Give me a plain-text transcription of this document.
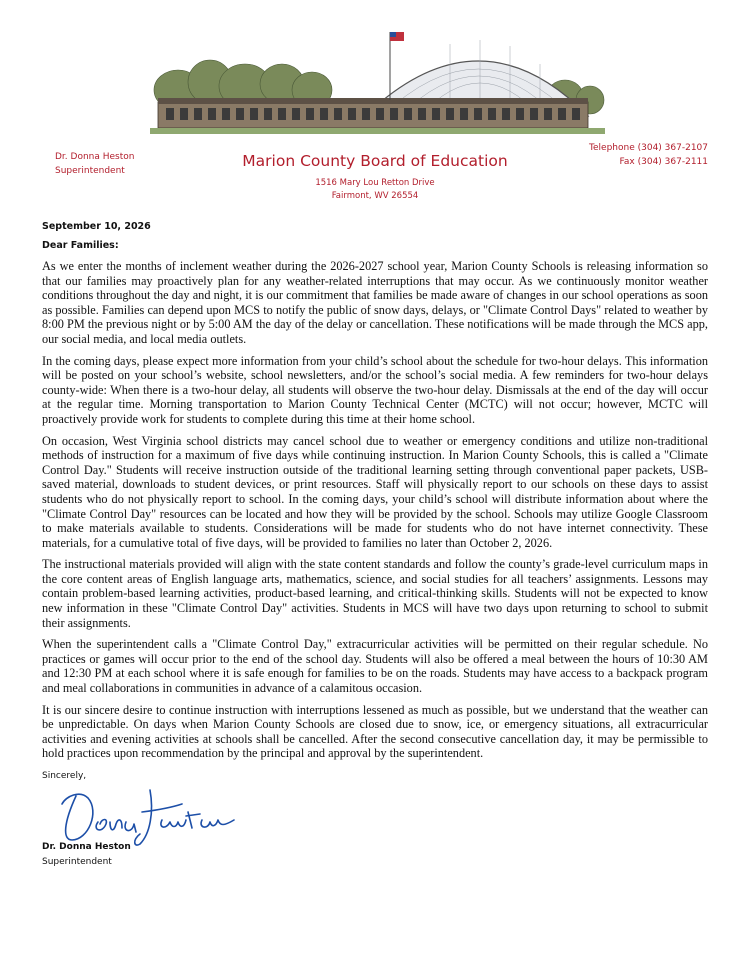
Dr. Donna Heston
Superintendent
Telephone (304) 367-2107
Fax (304) 367-2111
Marion County Board of Education
1516 Mary Lou Retton Drive
Fairmont, WV 26554
September 10, 2026
Dear Families:

As we enter the months of inclement weather during the 2026-2027 school year, Marion County Schools is releasing information so that our families may proactively plan for any weather-related interruptions that may occur. As we continuously monitor weather conditions throughout the day and night, it is our commitment that families be made aware of changes in our school operations as soon as possible. Families can depend upon MCS to notify the public of snow days, delays, or "Climate Control Days" related to weather by 8:00 PM the previous night or by 5:00 AM the day of the delay or cancellation. These notifications will be made through the MCS app, our social media, and local media outlets.

In the coming days, please expect more information from your child’s school about the schedule for two-hour delays. This information will be posted on your school’s website, school newsletters, and/or the school’s social media. A few reminders for two-hour delays county-wide: When there is a two-hour delay, all students will observe the two-hour delay. Dismissals at the end of the day will occur at the regular time. Morning transportation to Marion County Technical Center (MCTC) will not occur; however, MCTC will proactively provide work for students to complete during this time at their home school.

On occasion, West Virginia school districts may cancel school due to weather or emergency conditions and utilize non-traditional methods of instruction for a maximum of five days while continuing instruction. In Marion County Schools, this is called a "Climate Control Day." Students will receive instruction outside of the traditional learning setting through conventional paper packets, USB-saved material, downloads to student devices, or print resources. Staff will physically report to our schools on these days to assist students who do not physically report to school. In the coming days, your child’s school will distribute information about where the "Climate Control Day" resources can be located and how they will be provided by the school. Schools may utilize Google Classroom to make materials available to students. Considerations will be made for students who do not have internet connectivity. These materials, for a cumulative total of five days, will be provided to families no later than October 2, 2026.

The instructional materials provided will align with the state content standards and follow the county’s grade-level curriculum maps in the core content areas of English language arts, mathematics, science, and social studies for all teachers’ assignments. Lessons may contain problem-based learning activities, product-based learning, and critical-thinking skills. Students will not be expected to know new information in these "Climate Control Day" activities. Students in MCS will have two days upon returning to school to submit their assignments.

When the superintendent calls a "Climate Control Day," extracurricular activities will be permitted on their regular schedule. No practices or games will occur prior to the end of the school day. Students will also be offered a meal between the hours of 10:30 AM and 12:30 PM at each school where it is safe enough for families to be on the roads. Students may have access to a backpack program and meal collaborations in communities in advance of a calamitous occasion.

It is our sincere desire to continue instruction with interruptions lessened as much as possible, but we understand that the weather can be unpredictable. On days when Marion County Schools are closed due to snow, ice, or emergency situations, all extracurricular activities and evening activities at schools shall be cancelled. After the second consecutive cancellation day, it may be permissible to hold practices upon recommendation by the principal and approval by the superintendent.

Sincerely,
Dr. Donna Heston
Superintendent
